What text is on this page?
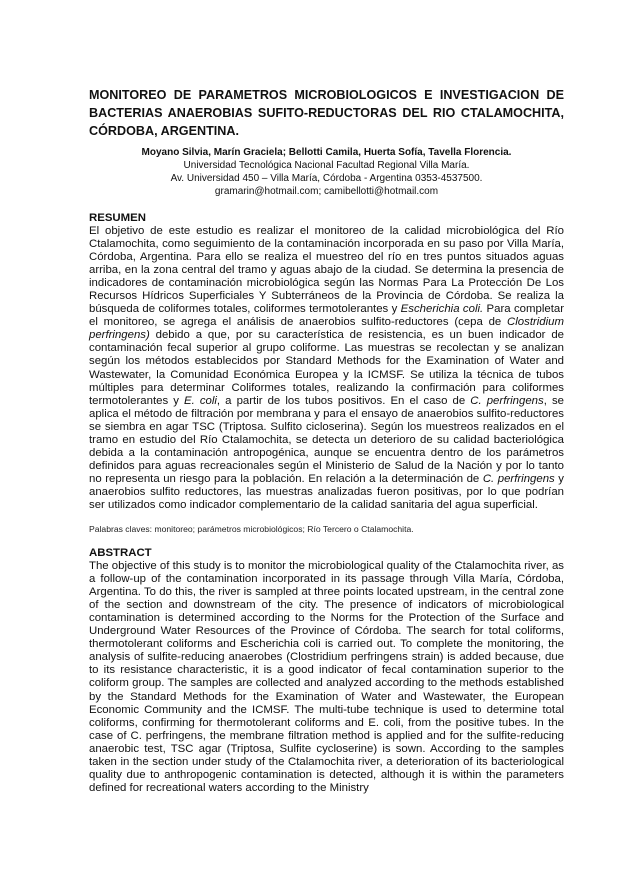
MONITOREO DE PARAMETROS MICROBIOLOGICOS E INVESTIGACION DE BACTERIAS ANAEROBIAS SUFITO-REDUCTORAS DEL RIO CTALAMOCHITA, CÓRDOBA, ARGENTINA.
Moyano Silvia, Marín Graciela; Bellotti Camila, Huerta Sofía, Tavella Florencia.
Universidad Tecnológica Nacional Facultad Regional Villa María.
Av. Universidad 450 – Villa María, Córdoba - Argentina 0353-4537500.
gramarin@hotmail.com; camibellotti@hotmail.com
RESUMEN

El objetivo de este estudio es realizar el monitoreo de la calidad microbiológica del Río Ctalamochita, como seguimiento de la contaminación incorporada en su paso por Villa María, Córdoba, Argentina. Para ello se realiza el muestreo del río en tres puntos situados aguas arriba, en la zona central del tramo y aguas abajo de la ciudad. Se determina la presencia de indicadores de contaminación microbiológica según las Normas Para La Protección De Los Recursos Hídricos Superficiales Y Subterráneos de la Provincia de Córdoba. Se realiza la búsqueda de coliformes totales, coliformes termotolerantes y Escherichia coli. Para completar el monitoreo, se agrega el análisis de anaerobios sulfito-reductores (cepa de Clostridium perfringens) debido a que, por su característica de resistencia, es un buen indicador de contaminación fecal superior al grupo coliforme. Las muestras se recolectan y se analizan según los métodos establecidos por Standard Methods for the Examination of Water and Wastewater, la Comunidad Económica Europea y la ICMSF. Se utiliza la técnica de tubos múltiples para determinar Coliformes totales, realizando la confirmación para coliformes termotolerantes y E. coli, a partir de los tubos positivos. En el caso de C. perfringens, se aplica el método de filtración por membrana y para el ensayo de anaerobios sulfito-reductores se siembra en agar TSC (Triptosa. Sulfito cicloserina). Según los muestreos realizados en el tramo en estudio del Río Ctalamochita, se detecta un deterioro de su calidad bacteriológica debida a la contaminación antropogénica, aunque se encuentra dentro de los parámetros definidos para aguas recreacionales según el Ministerio de Salud de la Nación y por lo tanto no representa un riesgo para la población. En relación a la determinación de C. perfringens y anaerobios sulfito reductores, las muestras analizadas fueron positivas, por lo que podrían ser utilizados como indicador complementario de la calidad sanitaria del agua superficial.

Palabras claves: monitoreo; parámetros microbiológicos; Río Tercero o Ctalamochita.

ABSTRACT

The objective of this study is to monitor the microbiological quality of the Ctalamochita river, as a follow-up of the contamination incorporated in its passage through Villa María, Córdoba, Argentina. To do this, the river is sampled at three points located upstream, in the central zone of the section and downstream of the city. The presence of indicators of microbiological contamination is determined according to the Norms for the Protection of the Surface and Underground Water Resources of the Province of Córdoba. The search for total coliforms, thermotolerant coliforms and Escherichia coli is carried out. To complete the monitoring, the analysis of sulfite-reducing anaerobes (Clostridium perfringens strain) is added because, due to its resistance characteristic, it is a good indicator of fecal contamination superior to the coliform group. The samples are collected and analyzed according to the methods established by the Standard Methods for the Examination of Water and Wastewater, the European Economic Community and the ICMSF. The multi-tube technique is used to determine total coliforms, confirming for thermotolerant coliforms and E. coli, from the positive tubes. In the case of C. perfringens, the membrane filtration method is applied and for the sulfite-reducing anaerobic test, TSC agar (Triptosa, Sulfite cycloserine) is sown. According to the samples taken in the section under study of the Ctalamochita river, a deterioration of its bacteriological quality due to anthropogenic contamination is detected, although it is within the parameters defined for recreational waters according to the Ministry
